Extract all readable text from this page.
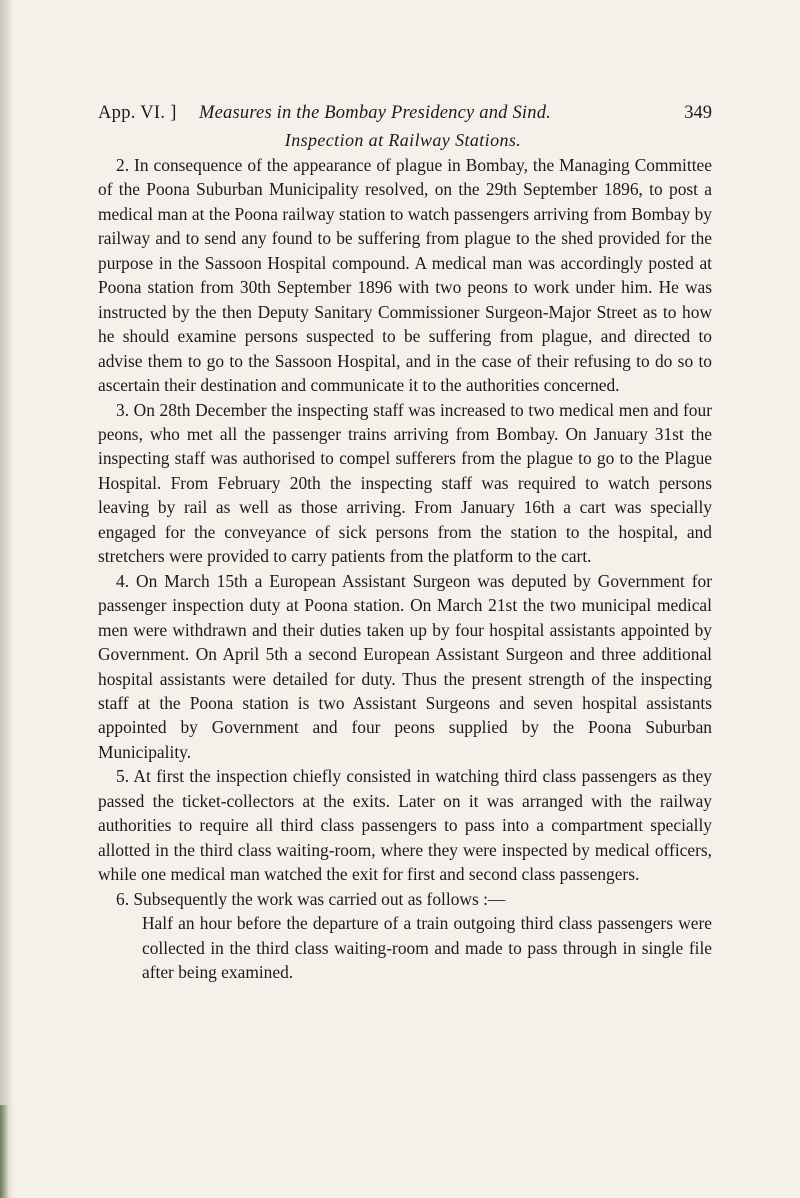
App. VI. ] Measures in the Bombay Presidency and Sind.	349
Inspection at Railway Stations.

2. In consequence of the appearance of plague in Bombay, the Managing Committee of the Poona Suburban Municipality resolved, on the 29th September 1896, to post a medical man at the Poona railway station to watch passengers arriving from Bombay by railway and to send any found to be suffering from plague to the shed provided for the purpose in the Sassoon Hospital compound. A medical man was accordingly posted at Poona station from 30th September 1896 with two peons to work under him. He was instructed by the then Deputy Sanitary Commissioner Surgeon-Major Street as to how he should examine persons suspected to be suffering from plague, and directed to advise them to go to the Sassoon Hospital, and in the case of their refusing to do so to ascertain their destination and communicate it to the authorities concerned.

3. On 28th December the inspecting staff was increased to two medical men and four peons, who met all the passenger trains arriving from Bombay. On January 31st the inspecting staff was authorised to compel sufferers from the plague to go to the Plague Hospital. From February 20th the inspecting staff was required to watch persons leaving by rail as well as those arriving. From January 16th a cart was specially engaged for the conveyance of sick persons from the station to the hospital, and stretchers were provided to carry patients from the platform to the cart.

4. On March 15th a European Assistant Surgeon was deputed by Government for passenger inspection duty at Poona station. On March 21st the two municipal medical men were withdrawn and their duties taken up by four hospital assistants appointed by Government. On April 5th a second European Assistant Surgeon and three additional hospital assistants were detailed for duty. Thus the present strength of the inspecting staff at the Poona station is two Assistant Surgeons and seven hospital assistants appointed by Government and four peons supplied by the Poona Suburban Municipality.

5. At first the inspection chiefly consisted in watching third class passengers as they passed the ticket-collectors at the exits. Later on it was arranged with the railway authorities to require all third class passengers to pass into a compartment specially allotted in the third class waiting-room, where they were inspected by medical officers, while one medical man watched the exit for first and second class passengers.

6. Subsequently the work was carried out as follows :—

Half an hour before the departure of a train outgoing third class passengers were collected in the third class waiting-room and made to pass through in single file after being examined.
